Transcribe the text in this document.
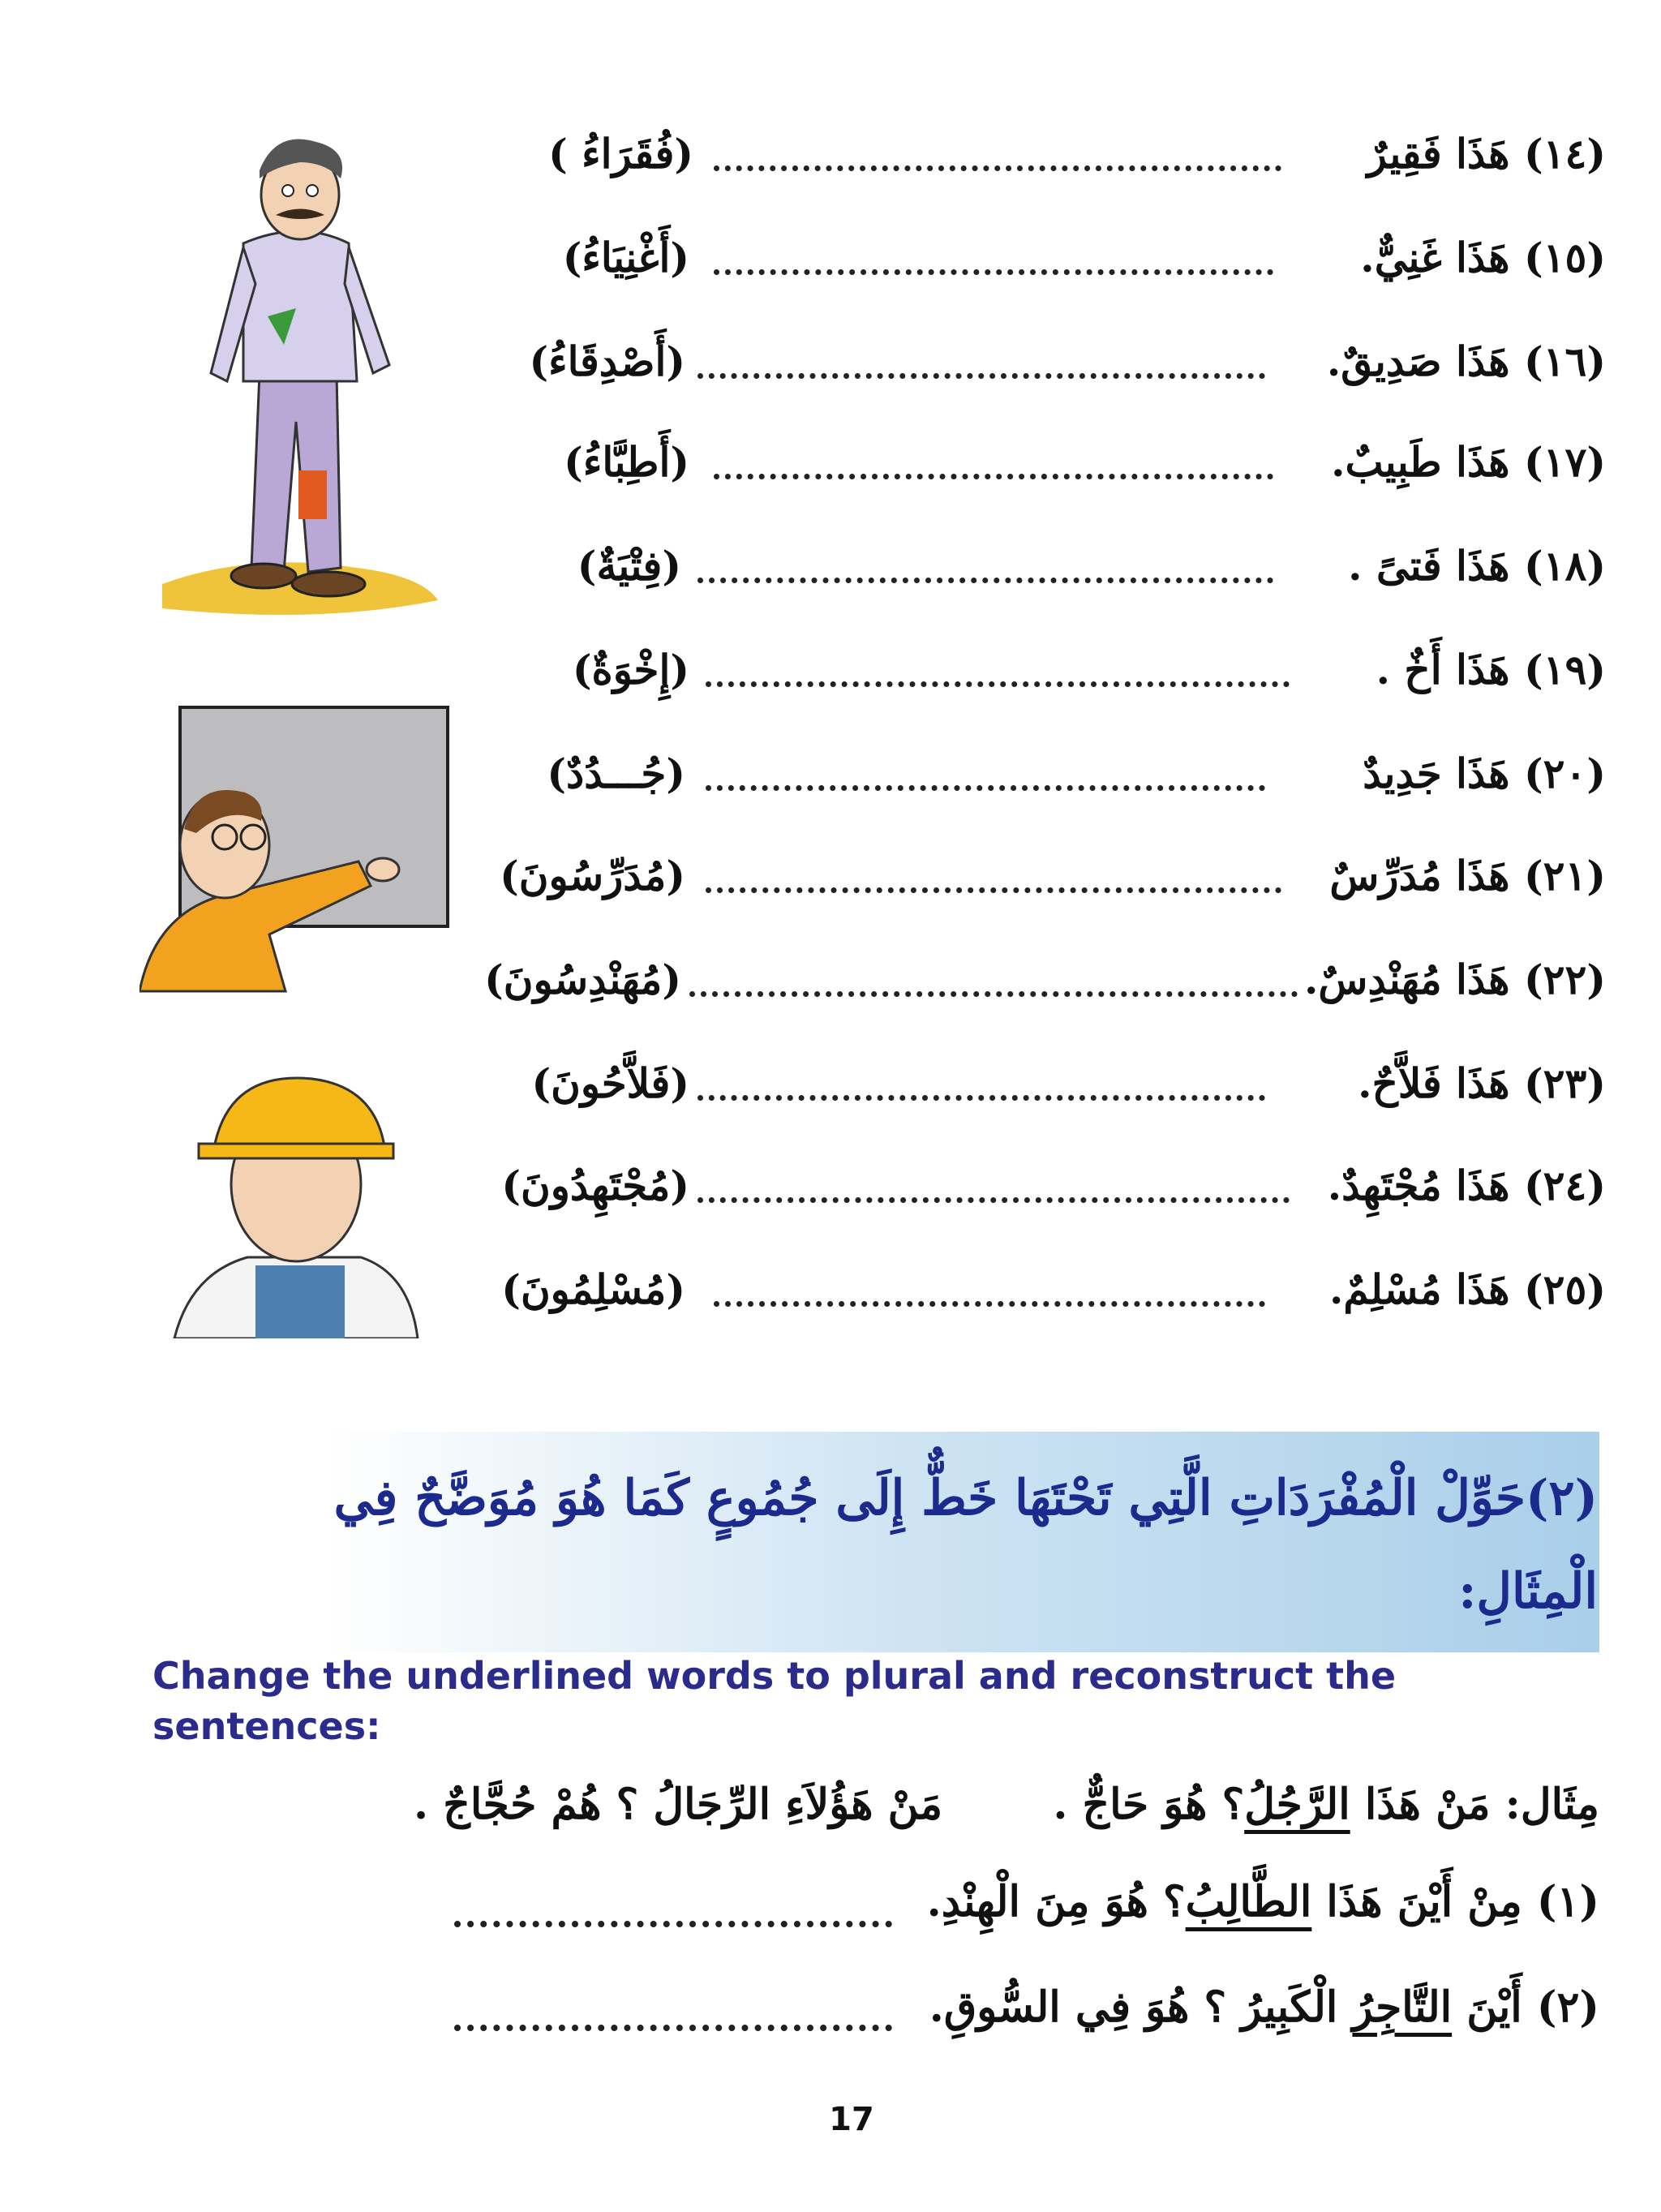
(١٤) هَذَا فَقِيرٌ
(فُقَرَاءُ )
(١٥) هَذَا غَنِيٌّ.
(أَغْنِيَاءُ)
(١٦) هَذَا صَدِيقٌ.
(أَصْدِقَاءُ)
(١٧) هَذَا طَبِيبٌ.
(أَطِبَّاءُ)
(١٨) هَذَا فَتىً .
(فِتْيَةٌ)
(١٩) هَذَا أَخٌ .
(إِخْوَةٌ)
(٢٠) هَذَا جَدِيدٌ
(جُـــدُدٌ)
(٢١) هَذَا مُدَرِّسٌ
(مُدَرِّسُونَ)
(٢٢) هَذَا مُهَنْدِسٌ.
(مُهَنْدِسُونَ)
(٢٣) هَذَا فَلاَّحٌ.
(فَلاَّحُونَ)
(٢٤) هَذَا مُجْتَهِدٌ.
(مُجْتَهِدُونَ)
(٢٥) هَذَا مُسْلِمٌ.
(مُسْلِمُونَ)
(٢)حَوِّلْ الْمُفْرَدَاتِ الَّتِي تَحْتَهَا خَطٌّ إِلَى جُمُوعٍ كَمَا هُوَ مُوَضَّحٌ فِي الْمِثَالِ:
Change the underlined words to plural and reconstruct the sentences:
مِثَال: مَنْ هَذَا الرَّجُلُ؟ هُوَ حَاجٌّ .  مَنْ هَؤُلاَءِ الرِّجَالُ ؟ هُمْ حُجَّاجٌ .
(١) مِنْ أَيْنَ هَذَا الطَّالِبُ؟ هُوَ مِنَ الْهِنْدِ.
(٢) أَيْنَ التَّاجِرُ الْكَبِيرُ ؟ هُوَ فِي السُّوقِ.
17
